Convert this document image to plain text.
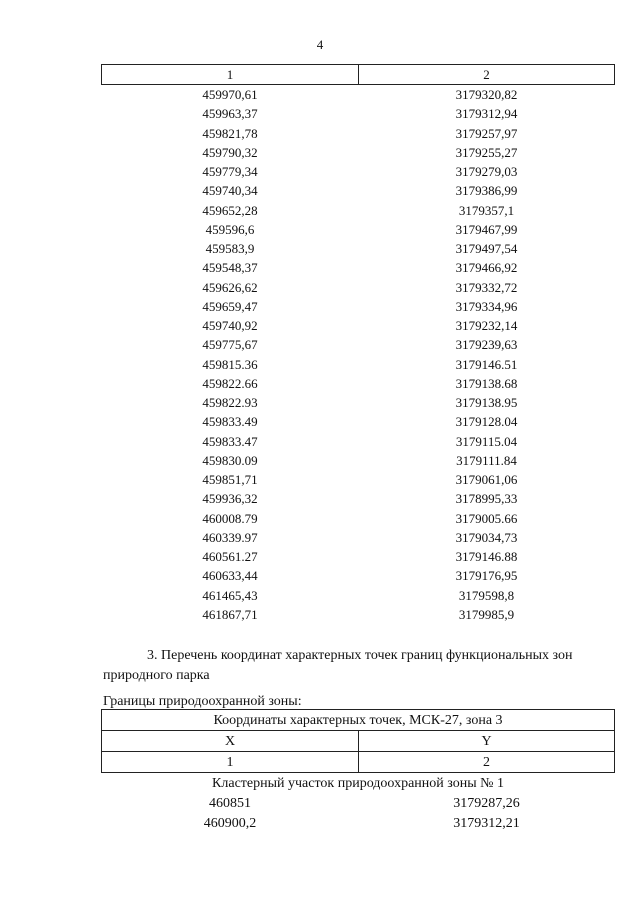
4
1	2
459970,61	3179320,82
459963,37	3179312,94
459821,78	3179257,97
459790,32	3179255,27
459779,34	3179279,03
459740,34	3179386,99
459652,28	3179357,1
459596,6	3179467,99
459583,9	3179497,54
459548,37	3179466,92
459626,62	3179332,72
459659,47	3179334,96
459740,92	3179232,14
459775,67	3179239,63
459815.36	3179146.51
459822.66	3179138.68
459822.93	3179138.95
459833.49	3179128.04
459833.47	3179115.04
459830.09	3179111.84
459851,71	3179061,06
459936,32	3178995,33
460008.79	3179005.66
460339.97	3179034,73
460561.27	3179146.88
460633,44	3179176,95
461465,43	3179598,8
461867,71	3179985,9
3. Перечень координат характерных точек границ функциональных зон природного парка
Границы природоохранной зоны:
Координаты характерных точек, МСК-27, зона 3	
X	Y
1	2
Кластерный участок природоохранной зоны № 1	
460851	3179287,26
460900,2	3179312,21
